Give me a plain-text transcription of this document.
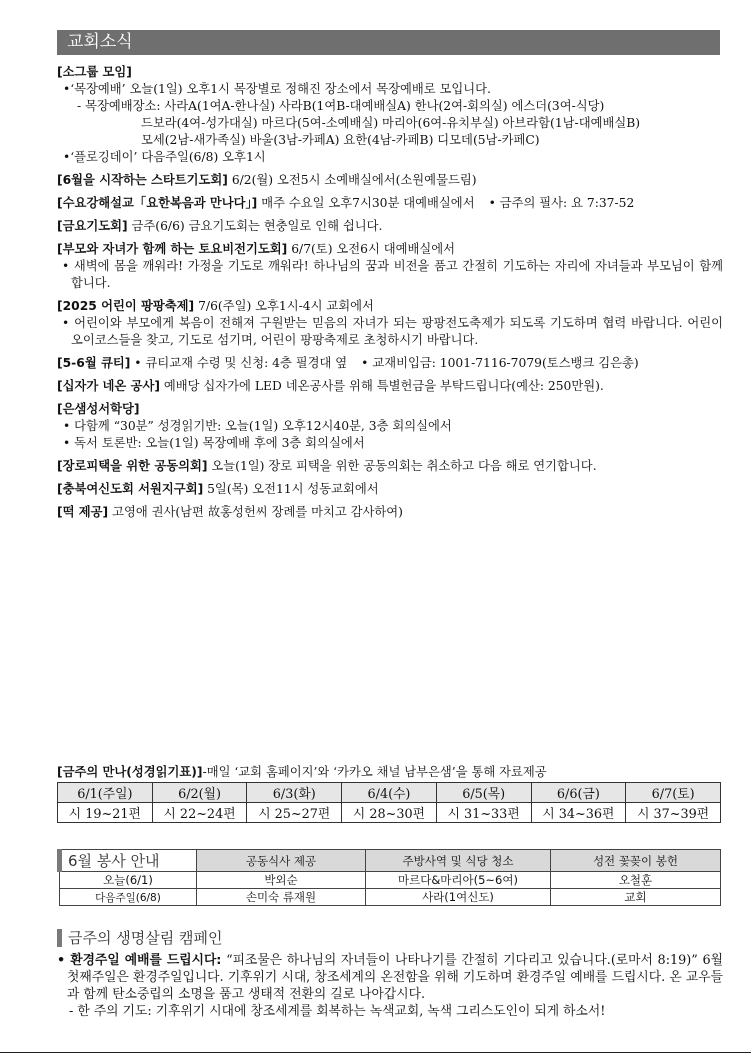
교회소식
[소그룹 모임]
•‘목장예배’ 오늘(1일) 오후1시 목장별로 정해진 장소에서 목장예배로 모입니다.
- 목장예배장소: 사라A(1여A-한나실) 사라B(1여B-대예배실A) 한나(2여-회의실) 에스더(3여-식당)
드보라(4여-성가대실) 마르다(5여-소예배실) 마리아(6여-유치부실) 아브라함(1남-대예배실B)
모세(2남-새가족실) 바울(3남-카페A) 요한(4남-카페B) 디모데(5남-카페C)
•‘플로깅데이’ 다음주일(6/8) 오후1시
[6월을 시작하는 스타트기도회] 6/2(월) 오전5시 소예배실에서(소원예물드림)
[수요강해설교「요한복음과 만나다」] 매주 수요일 오후7시30분 대예배실에서 • 금주의 필사: 요 7:37-52
[금요기도회] 금주(6/6) 금요기도회는 현충일로 인해 쉽니다.
[부모와 자녀가 함께 하는 토요비전기도회] 6/7(토) 오전6시 대예배실에서
• 새벽에 몸을 깨워라! 가정을 기도로 깨워라! 하나님의 꿈과 비전을 품고 간절히 기도하는 자리에 자녀들과 부모님이 함께 합니다.
[2025 어린이 팡팡축제] 7/6(주일) 오후1시-4시 교회에서
• 어린이와 부모에게 복음이 전해져 구원받는 믿음의 자녀가 되는 팡팡전도축제가 되도록 기도하며 협력 바랍니다. 어린이 오이코스들을 찾고, 기도로 섬기며, 어린이 팡팡축제로 초청하시기 바랍니다.
[5-6월 큐티] • 큐티교재 수령 및 신청: 4층 필경대 옆 • 교재비입금: 1001-7116-7079(토스뱅크 김은총)
[십자가 네온 공사] 예배당 십자가에 LED 네온공사를 위해 특별헌금을 부탁드립니다(예산: 250만원).
[은샘성서학당]
• 다함께 “30분” 성경읽기반: 오늘(1일) 오후12시40분, 3층 회의실에서
• 독서 토론반: 오늘(1일) 목장예배 후에 3층 회의실에서
[장로피택을 위한 공동의회] 오늘(1일) 장로 피택을 위한 공동의회는 취소하고 다음 해로 연기합니다.
[충북여신도회 서원지구회] 5일(목) 오전11시 성동교회에서
[떡 제공] 고영애 권사(남편 故홍성헌씨 장례를 마치고 감사하여)
[금주의 만나(성경읽기표)]-매일 ‘교회 홈페이지’와 ‘카카오 채널 남부은샘’을 통해 자료제공
6/1(주일)	6/2(월)	6/3(화)	6/4(수)	6/5(목)	6/6(금)	6/7(토)
시 19~21편	시 22~24편	시 25~27편	시 28~30편	시 31~33편	시 34~36편	시 37~39편
6월 봉사 안내	공동식사 제공	주방사역 및 식당 청소	성전 꽃꽂이 봉헌
오늘(6/1)	박외순	마르다&마리아(5~6여)	오철훈
다음주일(6/8)	손미숙 류재원	사라(1여신도)	교회
금주의 생명살림 캠페인
• 환경주일 예배를 드립시다: “피조물은 하나님의 자녀들이 나타나기를 간절히 기다리고 있습니다.(로마서 8:19)” 6월 첫째주일은 환경주일입니다. 기후위기 시대, 창조세계의 온전함을 위해 기도하며 환경주일 예배를 드립시다. 온 교우들과 함께 탄소중립의 소명을 품고 생태적 전환의 길로 나아갑시다.
- 한 주의 기도: 기후위기 시대에 창조세계를 회복하는 녹색교회, 녹색 그리스도인이 되게 하소서!
